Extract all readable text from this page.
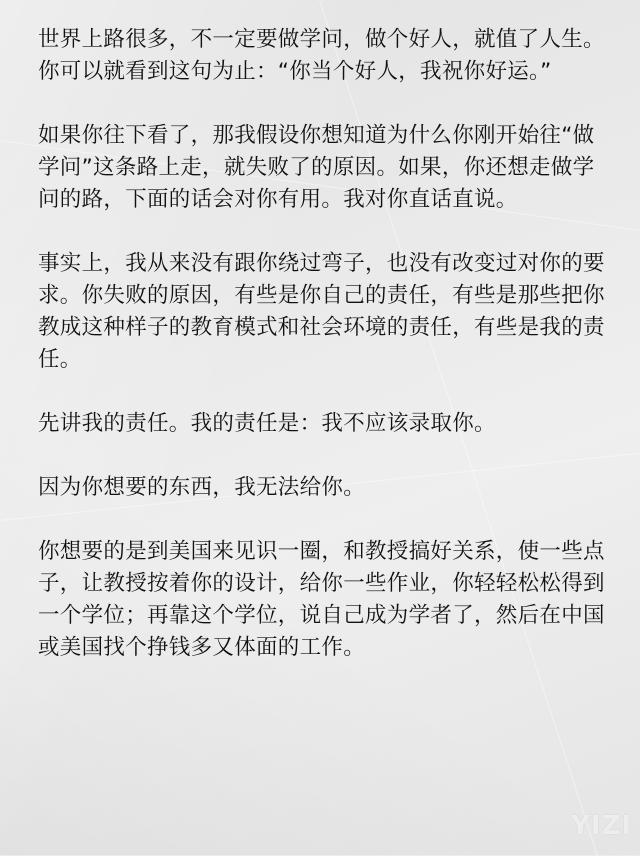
世界上路很多，不一定要做学问，做个好人，就值了人生。你可以就看到这句为止：“你当个好人，我祝你好运。”

如果你往下看了，那我假设你想知道为什么你刚开始往“做学问”这条路上走，就失败了的原因。如果，你还想走做学问的路，下面的话会对你有用。我对你直话直说。

事实上，我从来没有跟你绕过弯子，也没有改变过对你的要求。你失败的原因，有些是你自己的责任，有些是那些把你教成这种样子的教育模式和社会环境的责任，有些是我的责任。

先讲我的责任。我的责任是：我不应该录取你。

因为你想要的东西，我无法给你。

你想要的是到美国来见识一圈，和教授搞好关系，使一些点子，让教授按着你的设计，给你一些作业，你轻轻松松得到一个学位；再靠这个学位，说自己成为学者了，然后在中国或美国找个挣钱多又体面的工作。

YIZI
